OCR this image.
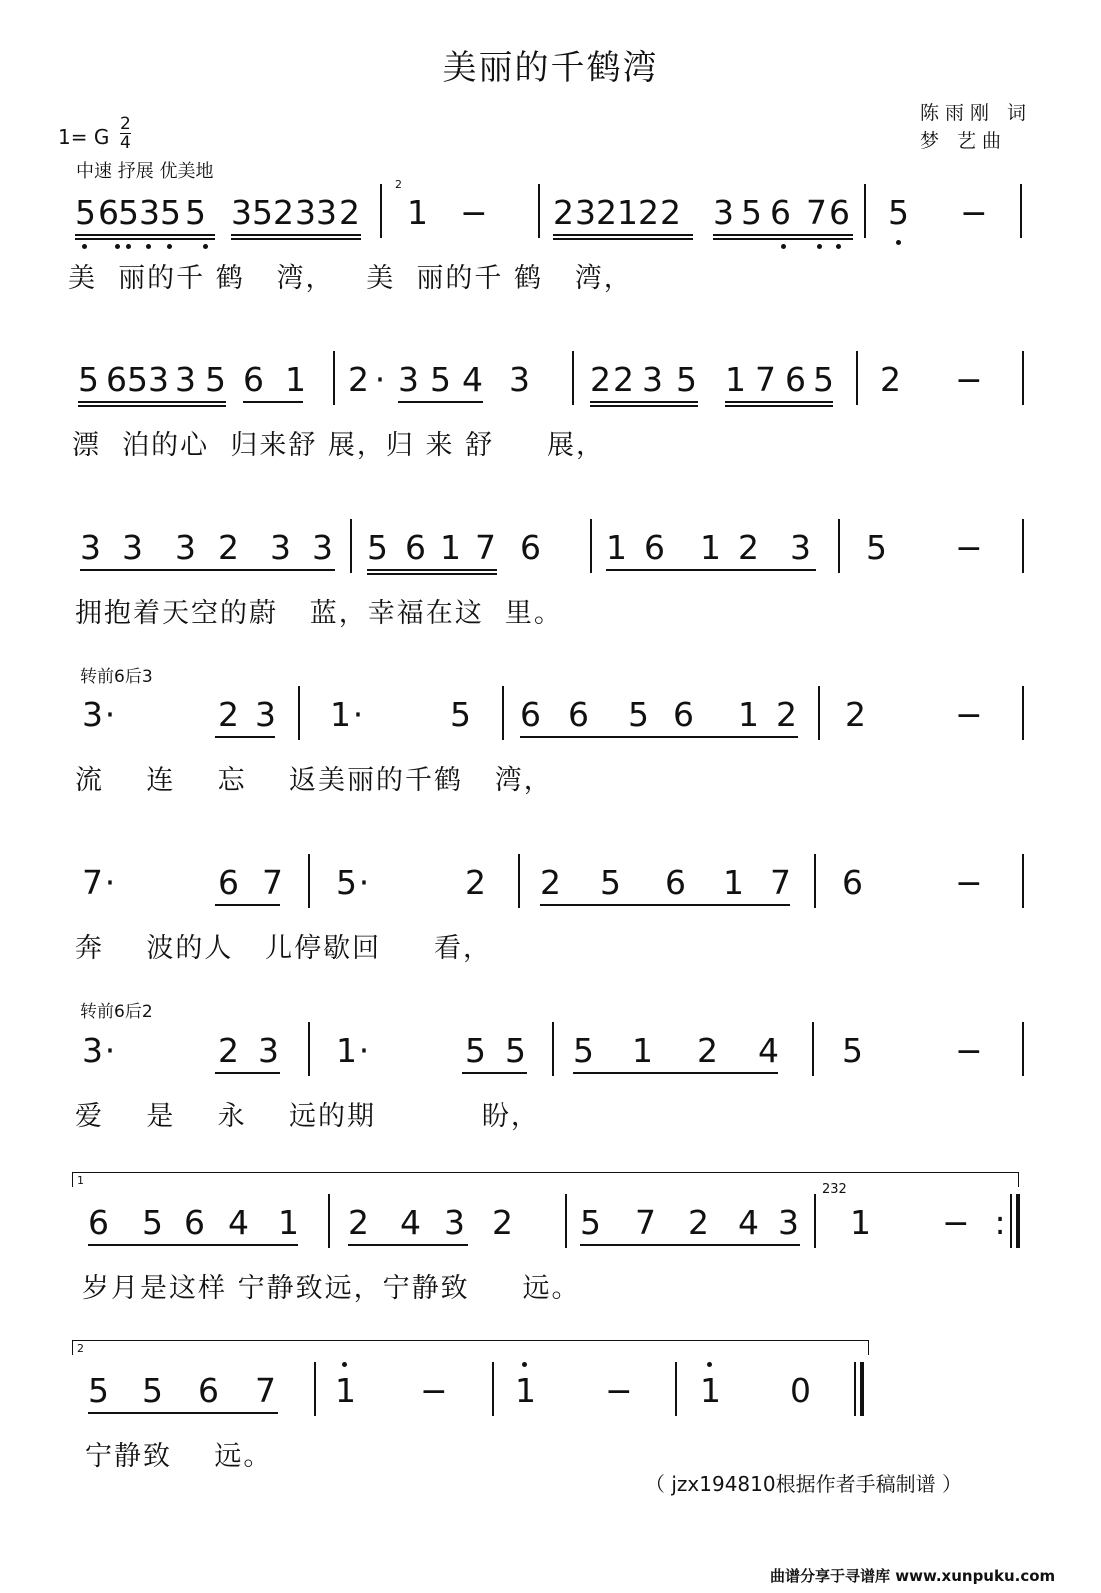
美丽的千鹤湾
陈雨刚 词
梦 艺曲
1= G
2
4
中速 抒展 优美地
5 6 5 3 5 5 3 5 2 3 3 2
2
1 − 2 3 2 1 2 2 3 5 6 7 6 5 −
美  丽的千 鹤   湾，   美  丽的千 鹤   湾，
5 6 5 3 3 5 6 1 2 · 3 5 4 3 2 2 3 5 1 7 6 5 2 −
漂  泊的心  归来舒 展，归 来 舒     展，
3 3 3 2 3 3 5 6 1 7 6 1 6 1 2 3 5 −
拥抱着天空的蔚   蓝，幸福在这  里。
转前6后3
3 ·	2 3 1 ·	5 6 6 5 6 1 2 2	−
流    连    忘    返美丽的千鹤   湾，
7 ·	6 7 5 ·	2 2 5 6 1 7 6	−
奔    波的人   儿停歇回     看，
转前6后2
3 ·	2 3 1 ·	5 5 5 1 2 4 5	−
爱    是    永    远的期          盼，
1
6 5 6 4 1 2 4 3 2 5 7 2 4 3
232
1 − :
岁月是这样 宁静致远，宁静致     远。
2
5 5 6 7 1 − 1 − 1 0
宁静致    远。
（ jzx194810根据作者手稿制谱 ）
曲谱分享于寻谱库 www.xunpuku.com
